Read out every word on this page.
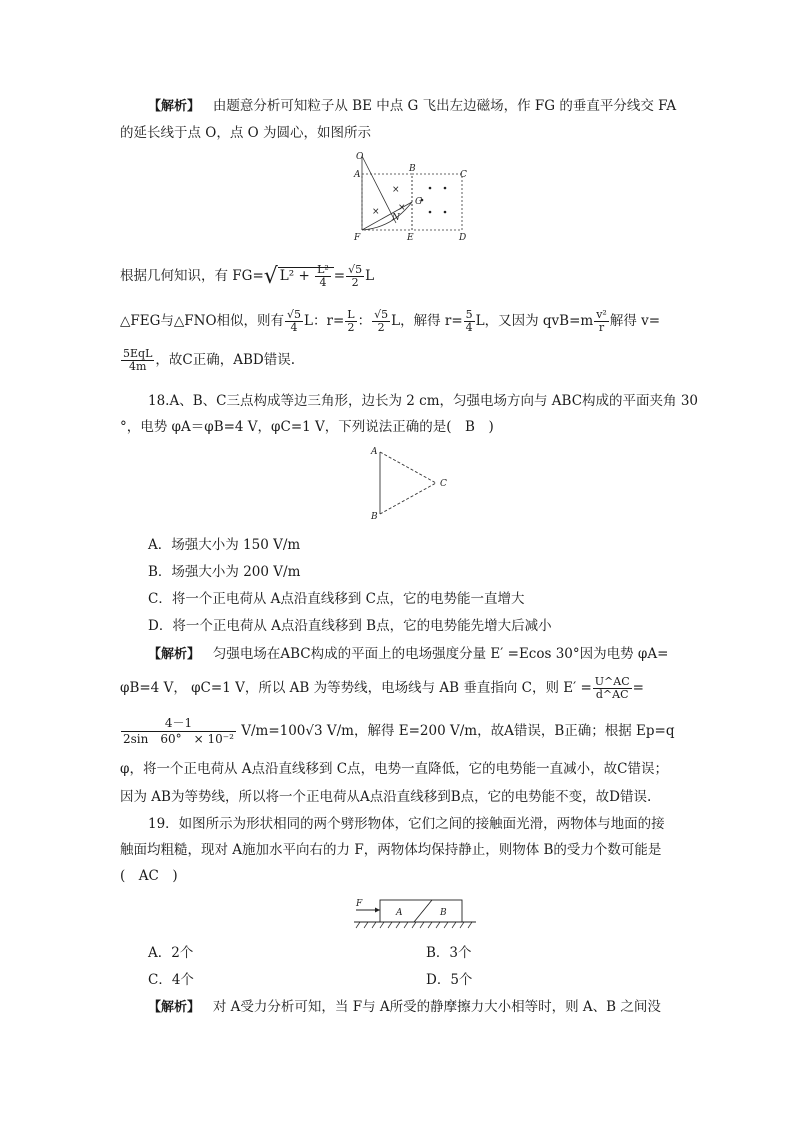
【解析】 由题意分析可知粒子从 BE 中点 G 飞出左边磁场，作 FG 的垂直平分线交 FA
的延长线于点 O，点 O 为圆心，如图所示
O
A
B
C
F	E	D
G
N
×
× ×
根据几何知识，有 FG=√ $L^2 + \frac{\text{L²}}{4} = \frac{√5}{2}$ L
△FEG与△FNO相似，则有 $\frac{√5}{4}$ L：$r= \frac{L}{2}$ ： $\frac{√5}{2}$ L，解得 $r= \frac{5}{4}$ L，又因为 $qvB=m \frac{\text{v²}}{r}$ 解得 v=
$\frac{\text{5EqL}}{4m}$ ，故C正确，ABD错误.
18.A、B、C三点构成等边三角形，边长为 2 cm，匀强电场方向与 ABC构成的平面夹角 30
°，电势 φA＝φB=4 V，φC=1 V，下列说法正确的是(　B　)
A
B
C
A．场强大小为 150 V/m
B．场强大小为 200 V/m
C．将一个正电荷从 A点沿直线移到 C点，它的电势能一直增大
D．将一个正电荷从 A点沿直线移到 B点，它的电势能先增大后减小
【解析】 匀强电场在ABC构成的平面上的电场强度分量 E′ =Ecos 30°因为电势 φA=
φB=4 V， φC=1 V，所以 AB 为等势线，电场线与 AB 垂直指向 C，则 $E' = \frac{U\^{}AC}{d\^{}AC}$ =
$\frac{4-1}{\text{2sin　60°　× 10⁻²}} V/m=100√3$ V/m，解得 E=200 V/m，故A错误，B正确；根据 Ep=q
φ，将一个正电荷从 A点沿直线移到 C点，电势一直降低，它的电势能一直减小，故C错误；
因为 AB为等势线，所以将一个正电荷从A点沿直线移到B点，它的电势能不变，故D错误.
19．如图所示为形状相同的两个劈形物体，它们之间的接触面光滑，两物体与地面的接
触面均粗糙，现对 A施加水平向右的力 F，两物体均保持静止，则物体 B的受力个数可能是
(　AC　)
F
A	B
A．2个	B．3个
C．4个	D．5个
【解析】 对 A受力分析可知，当 F与 A所受的静摩擦力大小相等时，则 A、B 之间没
